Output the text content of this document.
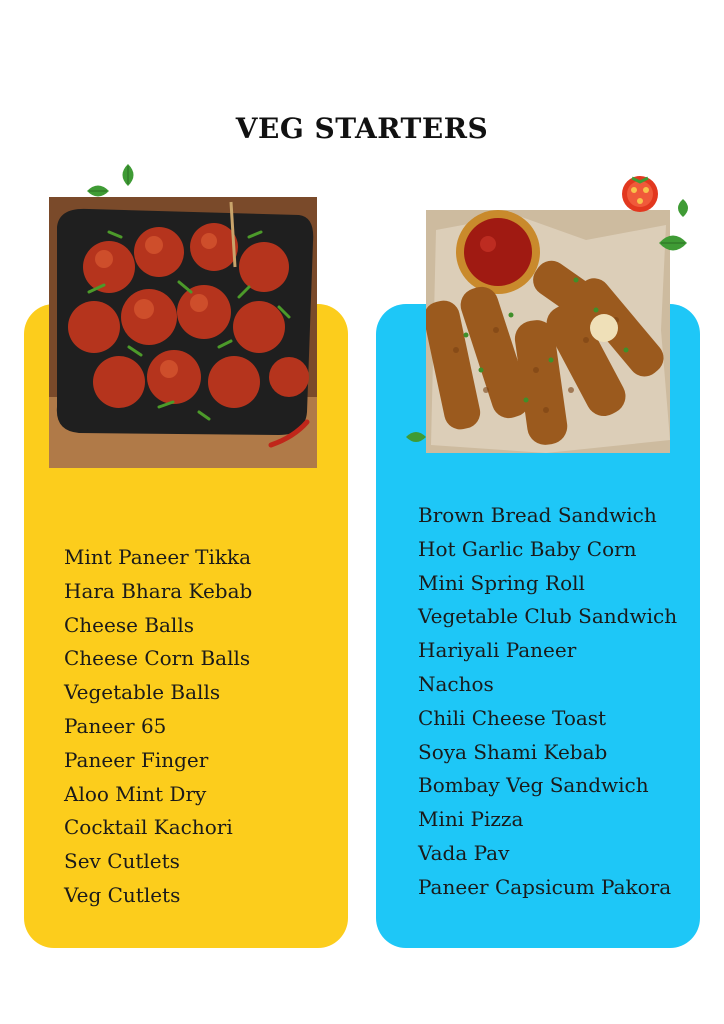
VEG STARTERS
Mint Paneer Tikka
Hara Bhara Kebab
Cheese Balls
Cheese Corn Balls
Vegetable Balls
Paneer 65
Paneer Finger
Aloo Mint Dry
Cocktail Kachori
Sev Cutlets
Veg Cutlets
Brown Bread Sandwich
Hot Garlic Baby Corn
Mini Spring Roll
Vegetable Club Sandwich
Hariyali Paneer
Nachos
Chili Cheese Toast
Soya Shami Kebab
Bombay Veg Sandwich
Mini Pizza
Vada Pav
Paneer Capsicum Pakora
